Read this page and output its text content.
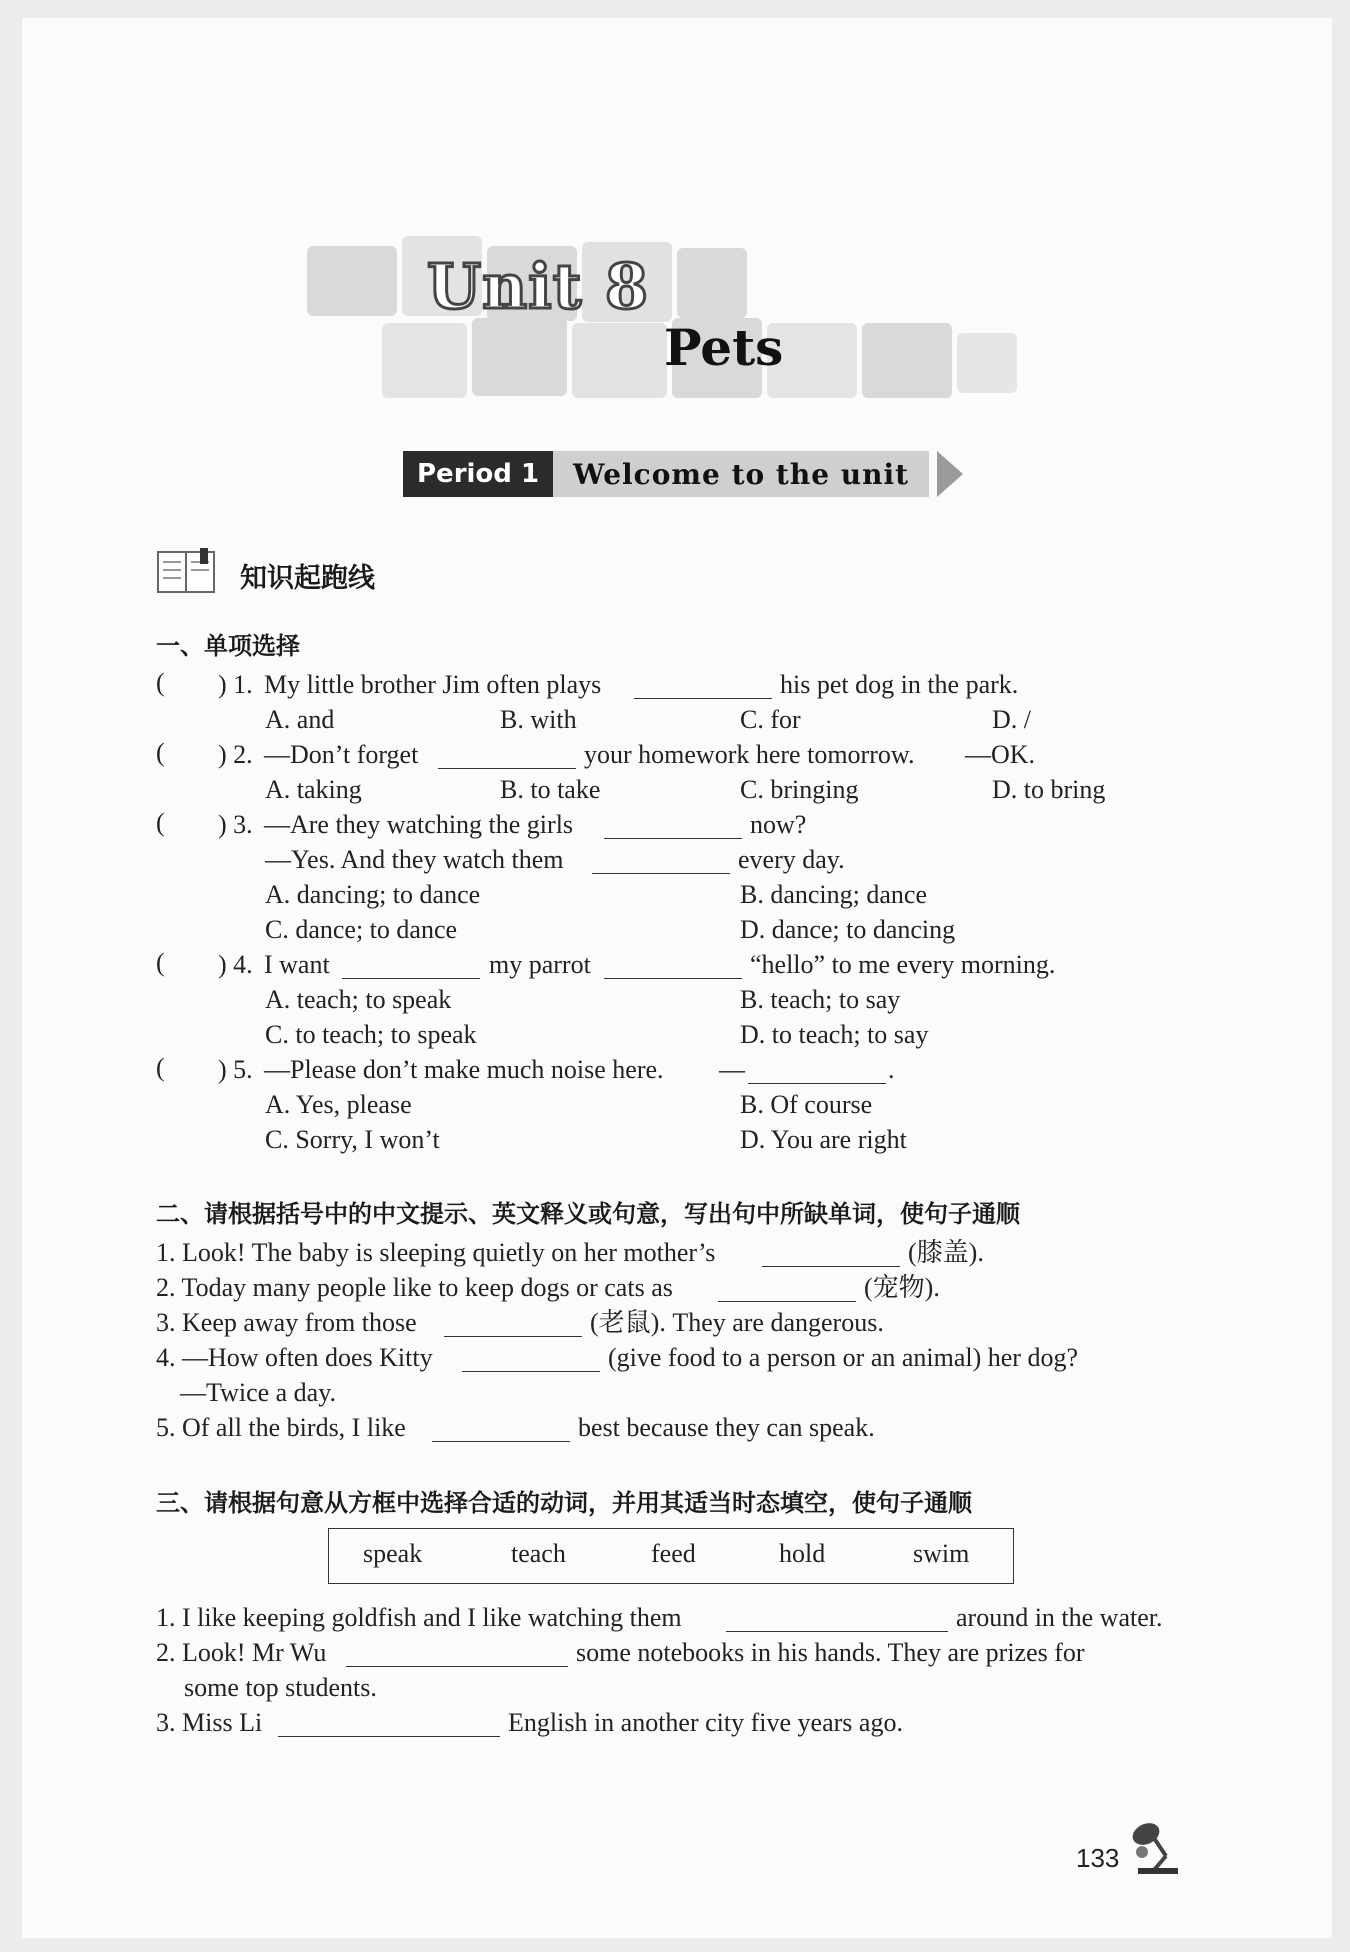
Unit 8
Pets
Period 1	Welcome to the unit
知识起跑线
一、单项选择
( ) 1. My little brother Jim often plays	his pet dog in the park.
A. and	B. with	C. for	D. /
( ) 2. —Don’t forget	your homework here tomorrow. —OK.
A. taking	B. to take	C. bringing	D. to bring
( ) 3. —Are they watching the girls	now?
—Yes. And they watch them	every day.
A. dancing; to dance	B. dancing; dance
C. dance; to dance	D. dance; to dancing
( ) 4. I want	my parrot	“hello” to me every morning.
A. teach; to speak	B. teach; to say
C. to teach; to speak	D. to teach; to say
( ) 5. —Please don’t make much noise here. —	.
A. Yes, please	B. Of course
C. Sorry, I won’t	D. You are right
二、请根据括号中的中文提示、英文释义或句意，写出句中所缺单词，使句子通顺
1. Look! The baby is sleeping quietly on her mother’s	(膝盖).
2. Today many people like to keep dogs or cats as	(宠物).
3. Keep away from those	(老鼠). They are dangerous.
4. —How often does Kitty	(give food to a person or an animal) her dog?
—Twice a day.
5. Of all the birds, I like	best because they can speak.
三、请根据句意从方框中选择合适的动词，并用其适当时态填空，使句子通顺
speak	teach	feed	hold	swim
1. I like keeping goldfish and I like watching them	around in the water.
2. Look! Mr Wu	some notebooks in his hands. They are prizes for
some top students.
3. Miss Li	English in another city five years ago.
133
